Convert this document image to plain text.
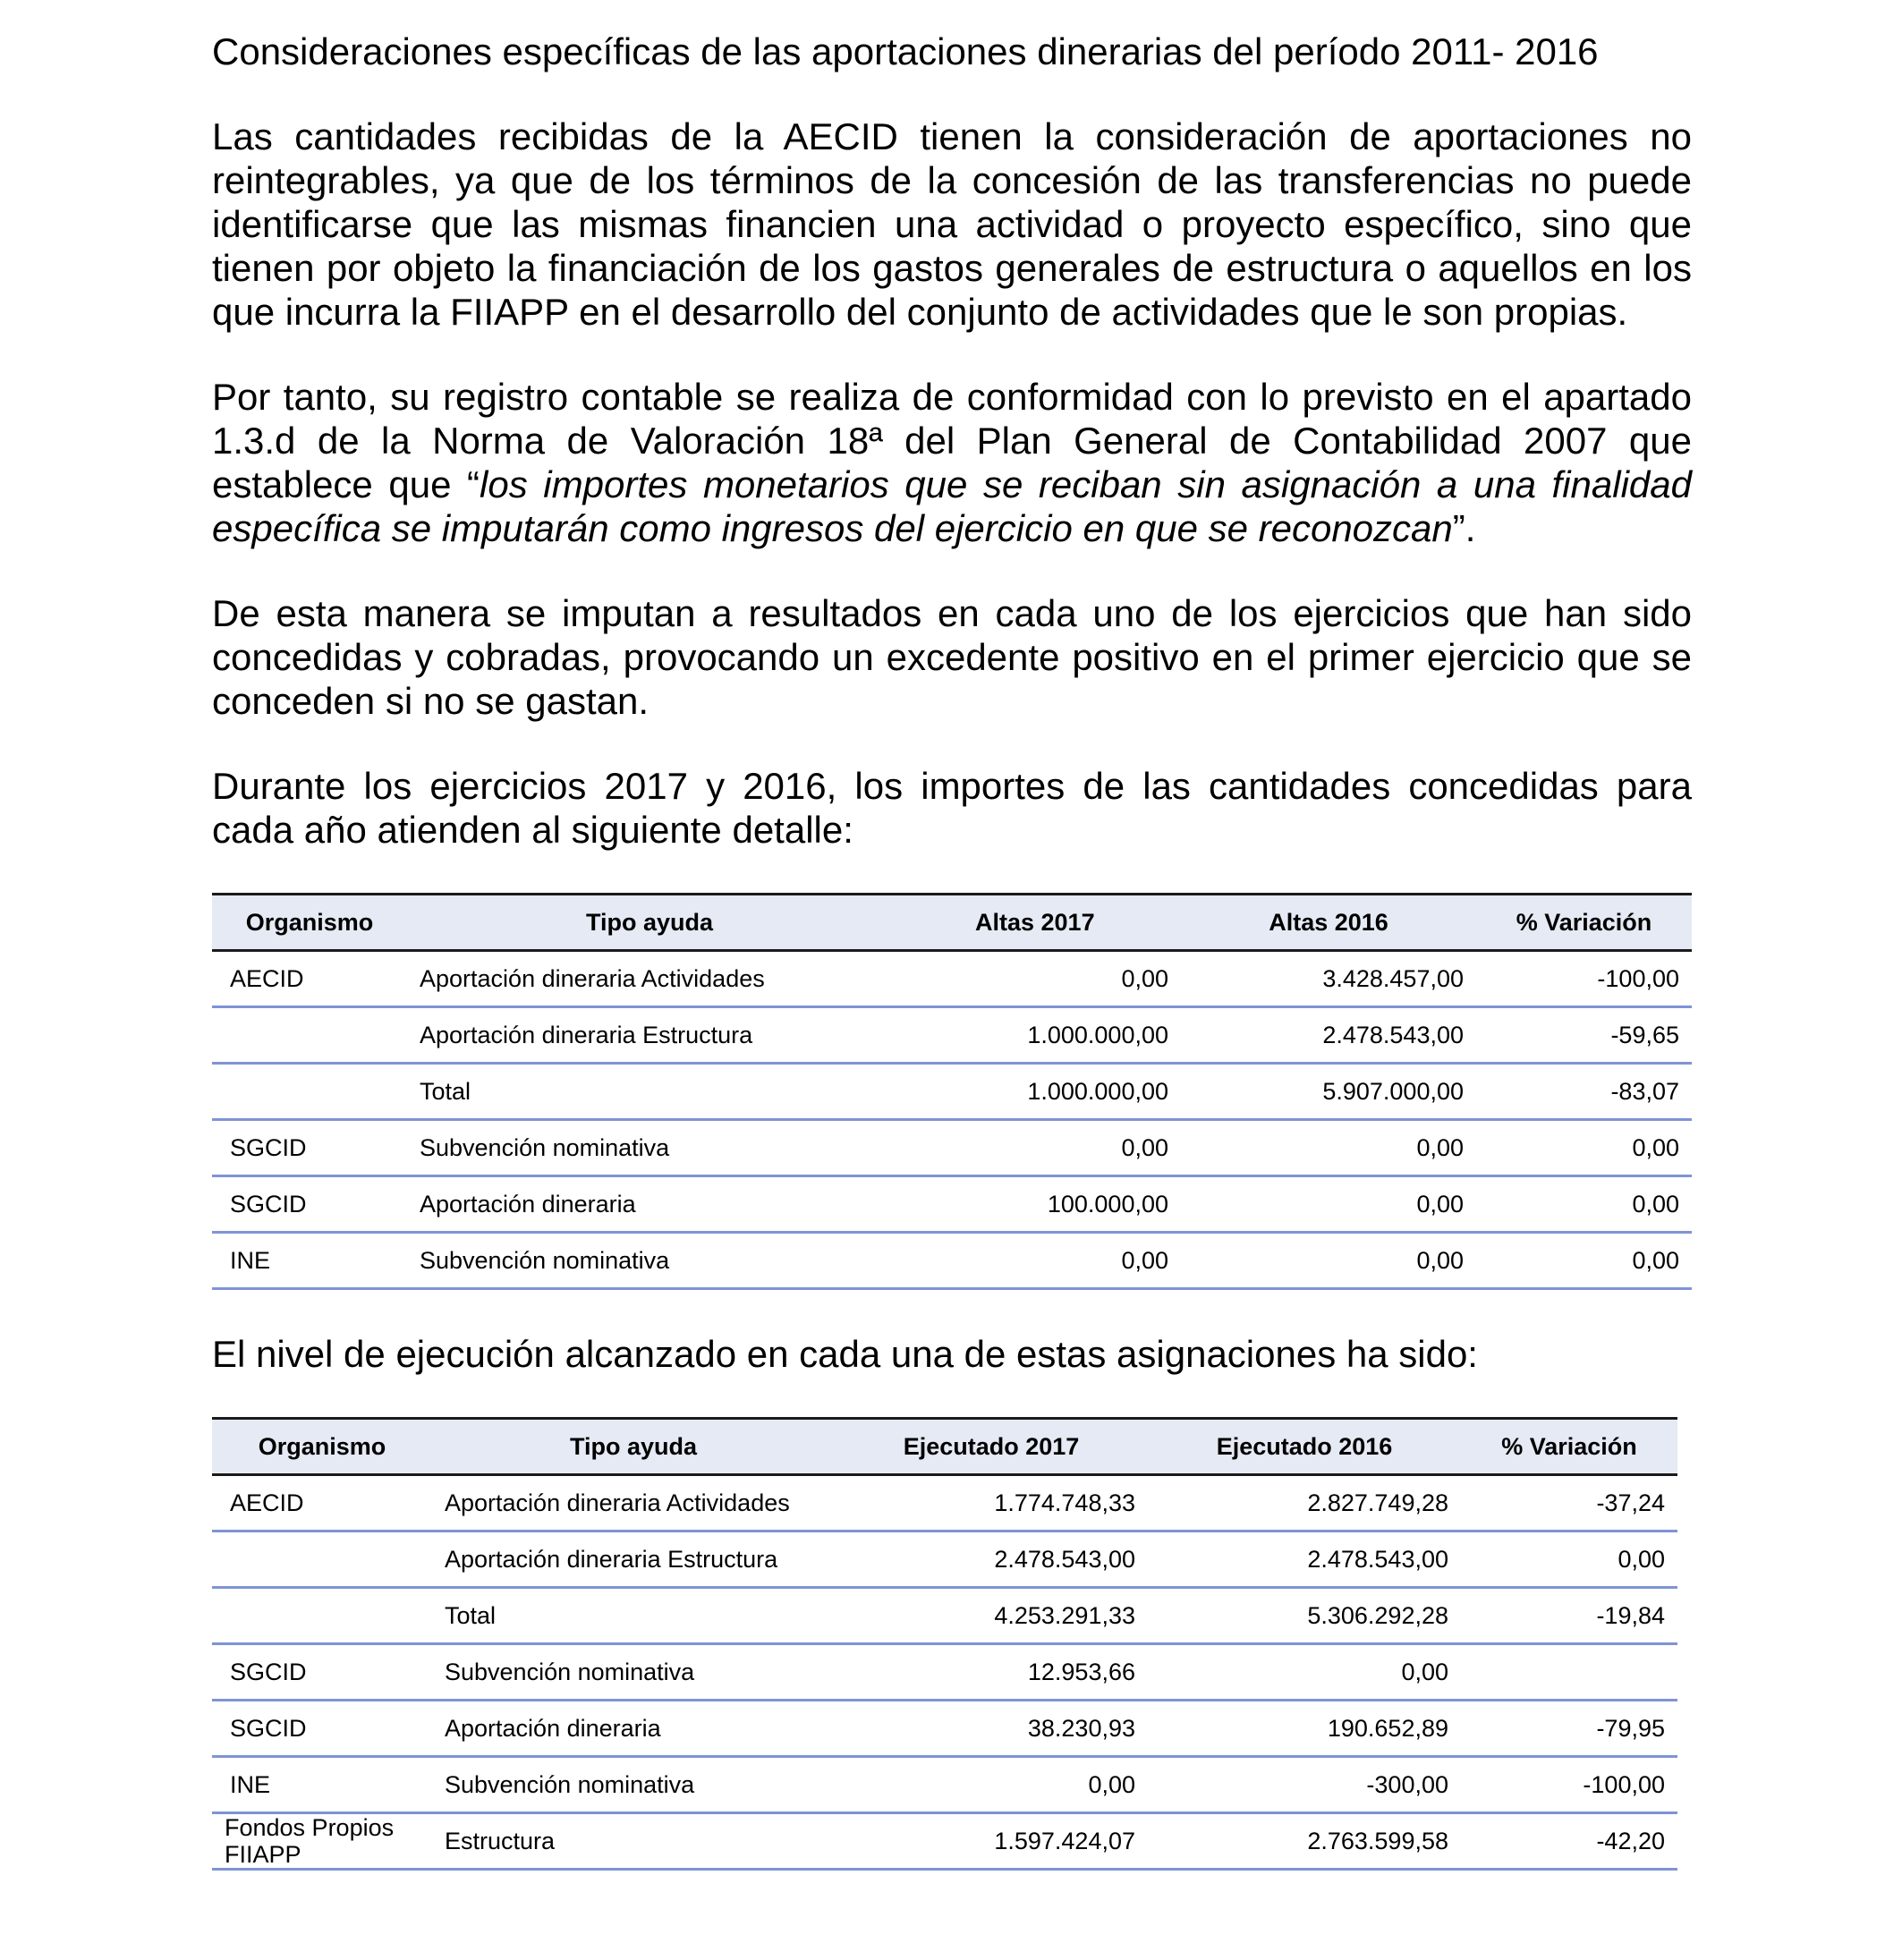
Consideraciones específicas de las aportaciones dinerarias del período 2011- 2016

Las cantidades recibidas de la AECID tienen la consideración de aportaciones no reintegrables, ya que de los términos de la concesión de las transferencias no puede identificarse que las mismas financien una actividad o proyecto específico, sino que tienen por objeto la financiación de los gastos generales de estructura o aquellos en los que incurra la FIIAPP en el desarrollo del conjunto de actividades que le son propias.

Por tanto, su registro contable se realiza de conformidad con lo previsto en el apartado 1.3.d de la Norma de Valoración 18ª del Plan General de Contabilidad 2007 que establece que “los importes monetarios que se reciban sin asignación a una finalidad específica se imputarán como ingresos del ejercicio en que se reconozcan”.

De esta manera se imputan a resultados en cada uno de los ejercicios que han sido concedidas y cobradas, provocando un excedente positivo en el primer ejercicio que se conceden si no se gastan.

Durante los ejercicios 2017 y 2016, los importes de las cantidades concedidas para cada año atienden al siguiente detalle:

Organismo	Tipo ayuda	Altas 2017	Altas 2016	% Variación
AECID	Aportación dineraria Actividades	0,00	3.428.457,00	-100,00
	Aportación dineraria Estructura	1.000.000,00	2.478.543,00	-59,65
	Total	1.000.000,00	5.907.000,00	-83,07
SGCID	Subvención nominativa	0,00	0,00	0,00
SGCID	Aportación dineraria	100.000,00	0,00	0,00
INE	Subvención nominativa	0,00	0,00	0,00

El nivel de ejecución alcanzado en cada una de estas asignaciones ha sido:

Organismo	Tipo ayuda	Ejecutado 2017	Ejecutado 2016	% Variación
AECID	Aportación dineraria Actividades	1.774.748,33	2.827.749,28	-37,24
	Aportación dineraria Estructura	2.478.543,00	2.478.543,00	0,00
	Total	4.253.291,33	5.306.292,28	-19,84
SGCID	Subvención nominativa	12.953,66	0,00	
SGCID	Aportación dineraria	38.230,93	190.652,89	-79,95
INE	Subvención nominativa	0,00	-300,00	-100,00
Fondos Propios FIIAPP	Estructura	1.597.424,07	2.763.599,58	-42,20
